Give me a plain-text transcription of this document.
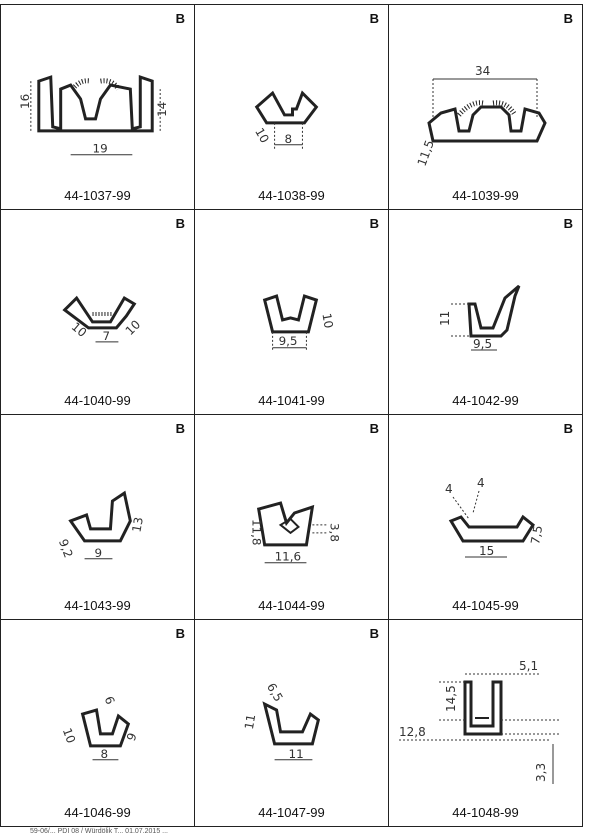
B
16
14
19
44-1037-99
B
10 8
44-1038-99
B
34
11,5
44-1039-99
B
10 7 10
44-1040-99
B
9,5
10
44-1041-99
B
11
9,5
44-1042-99
B
9,2 9
13
44-1043-99
B
11,8	3,8
11,6
44-1044-99
B
4 4
15
7,5
44-1045-99
B
10
6
9
8
44-1046-99
B
6,5
11
11
44-1047-99
5,1
14,5
12,8
3,3
44-1048-99
59-06/... PDI 08 / Würdölik T... 01.07.2015 ...
